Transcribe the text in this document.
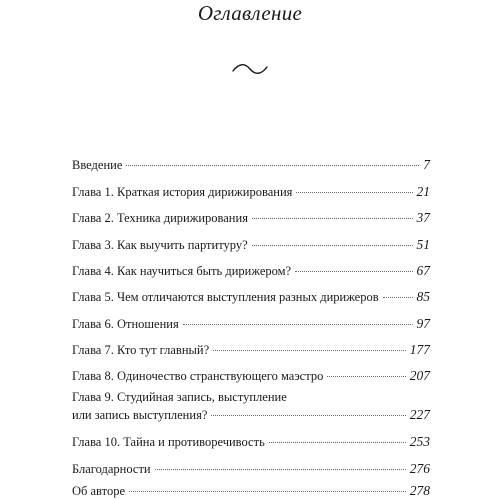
Оглавление
Введение	7
Глава 1. Краткая история дирижирования	21
Глава 2. Техника дирижирования	37
Глава 3. Как выучить партитуру?	51
Глава 4. Как научиться быть дирижером?	67
Глава 5. Чем отличаются выступления разных дирижеров	85
Глава 6. Отношения	97
Глава 7. Кто тут главный?	177
Глава 8. Одиночество странствующего маэстро	207
Глава 9. Студийная запись, выступление
или запись выступления?	227
Глава 10. Тайна и противоречивость	253
Благодарности	276
Об авторе	278
